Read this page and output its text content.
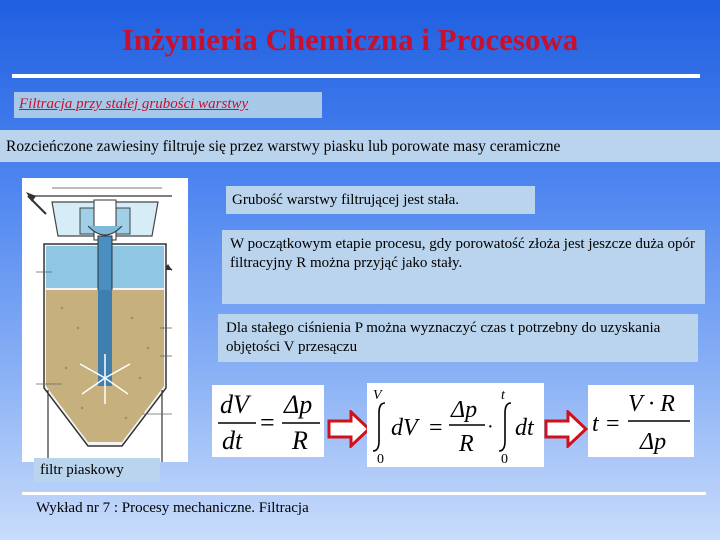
Inżynieria Chemiczna i Procesowa
Filtracja przy stałej grubości warstwy
Rozcieńczone zawiesiny filtruje się przez warstwy piasku lub porowate masy ceramiczne
filtr piaskowy
Grubość warstwy filtrującej jest stała.
W początkowym etapie procesu, gdy porowatość złoża jest jeszcze duża opór filtracyjny R można przyjąć jako stały.
Dla stałego ciśnienia P można wyznaczyć czas t potrzebny do uzyskania objętości V przesączu
dV
dt
=
Δp
R
V
0
dV =
Δp
R
·
t
0
dt t =
V · R
Δp
Wykład nr 7 : Procesy mechaniczne. Filtracja
